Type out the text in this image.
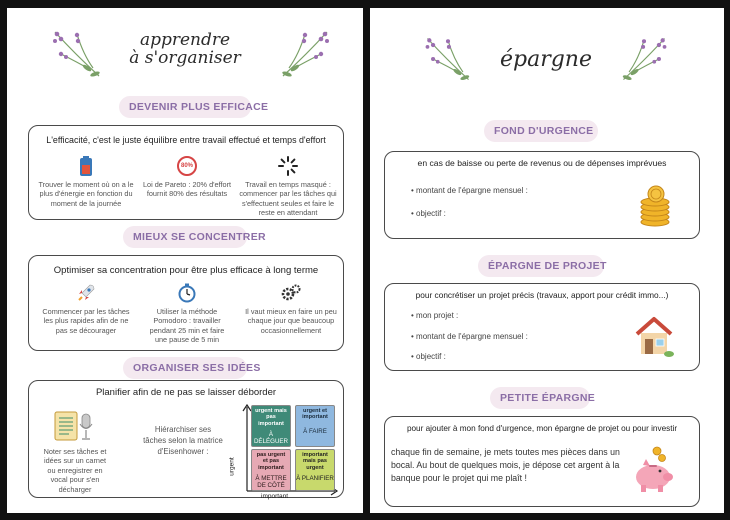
apprendre
à s'organiser
DEVENIR PLUS EFFICACE
L'efficacité, c'est le juste équilibre entre travail effectué et temps d'effort
Trouver le moment où on a le plus d'énergie en fonction du moment de la journée
80%
Loi de Pareto : 20% d'effort fournit 80% des résultats
Travail en temps masqué : commencer par les tâches qui s'effectuent seules et faire le reste en attendant
MIEUX SE CONCENTRER
Optimiser sa concentration pour être plus efficace à long terme
Commencer par les tâches les plus rapides afin de ne pas se décourager
Utiliser la méthode Pomodoro : travailler pendant 25 min et faire une pause de 5 min
Il vaut mieux en faire un peu chaque jour que beaucoup occasionnellement
ORGANISER SES IDÉES
Planifier afin de ne pas se laisser déborder
Noter ses tâches et idées sur un carnet ou enregistrer en vocal pour s'en décharger
Hiérarchiser ses tâches selon la matrice d'Eisenhower :
urgent
important
urgent mais pas important
À DÉLÉGUER
urgent et important
À FAIRE
pas urgent et pas important
À METTRE DE CÔTÉ
important mais pas urgent
À PLANIFIER
épargne
FOND D'URGENCE
en cas de baisse ou perte de revenus ou de dépenses imprévues
• montant de l'épargne mensuel :
• objectif :
ÉPARGNE DE PROJET
pour concrétiser un projet précis (travaux, apport pour crédit immo...)
• mon projet :
• montant de l'épargne mensuel :
• objectif :
PETITE ÉPARGNE
pour ajouter à mon fond d'urgence, mon épargne de projet ou pour investir
chaque fin de semaine, je mets toutes mes pièces dans un bocal. Au bout de quelques mois, je dépose cet argent à la banque pour le projet qui me plaît !
